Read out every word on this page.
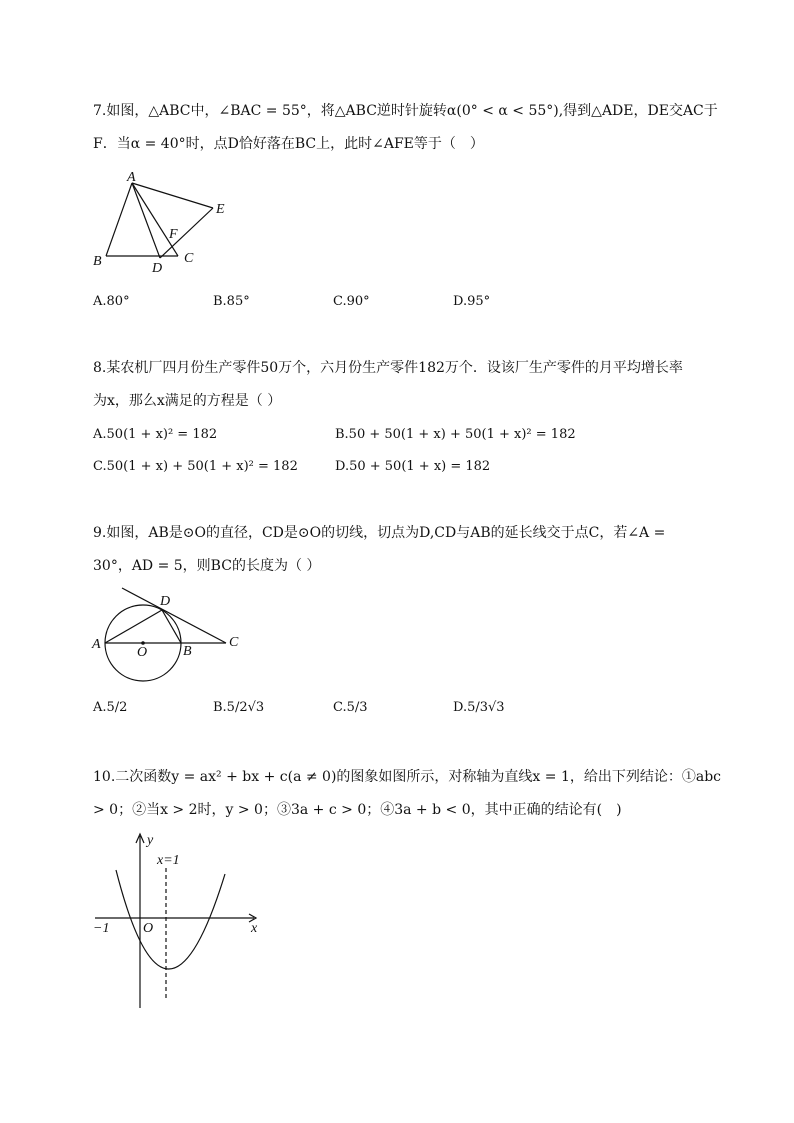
7.如图，△ABC中，∠BAC = 55°，将△ABC逆时针旋转α(0° < α < 55°),得到△ADE，DE交AC于
F．当α = 40°时，点D恰好落在BC上，此时∠AFE等于（　）
A
B	C
D
E
F
A.80°	B.85°	C.90°	D.95°
8.某农机厂四月份生产零件50万个，六月份生产零件182万个．设该厂生产零件的月平均增长率
为x，那么x满足的方程是（ ）
A.50(1 + x)² = 182	B.50 + 50(1 + x) + 50(1 + x)² = 182
C.50(1 + x) + 50(1 + x)² = 182	D.50 + 50(1 + x) = 182
9.如图，AB是⊙O的直径，CD是⊙O的切线，切点为D,CD与AB的延长线交于点C，若∠A =
30°，AD = 5，则BC的长度为（ ）
A	B
C
D
O
A.5/2	B.5/2√3	C.5/3	D.5/3√3
10.二次函数y = ax² + bx + c(a ≠ 0)的图象如图所示，对称轴为直线x = 1，给出下列结论：①abc
> 0；②当x > 2时，y > 0；③3a + c > 0；④3a + b < 0，其中正确的结论有(　)
y
x
x=1
O
−1
